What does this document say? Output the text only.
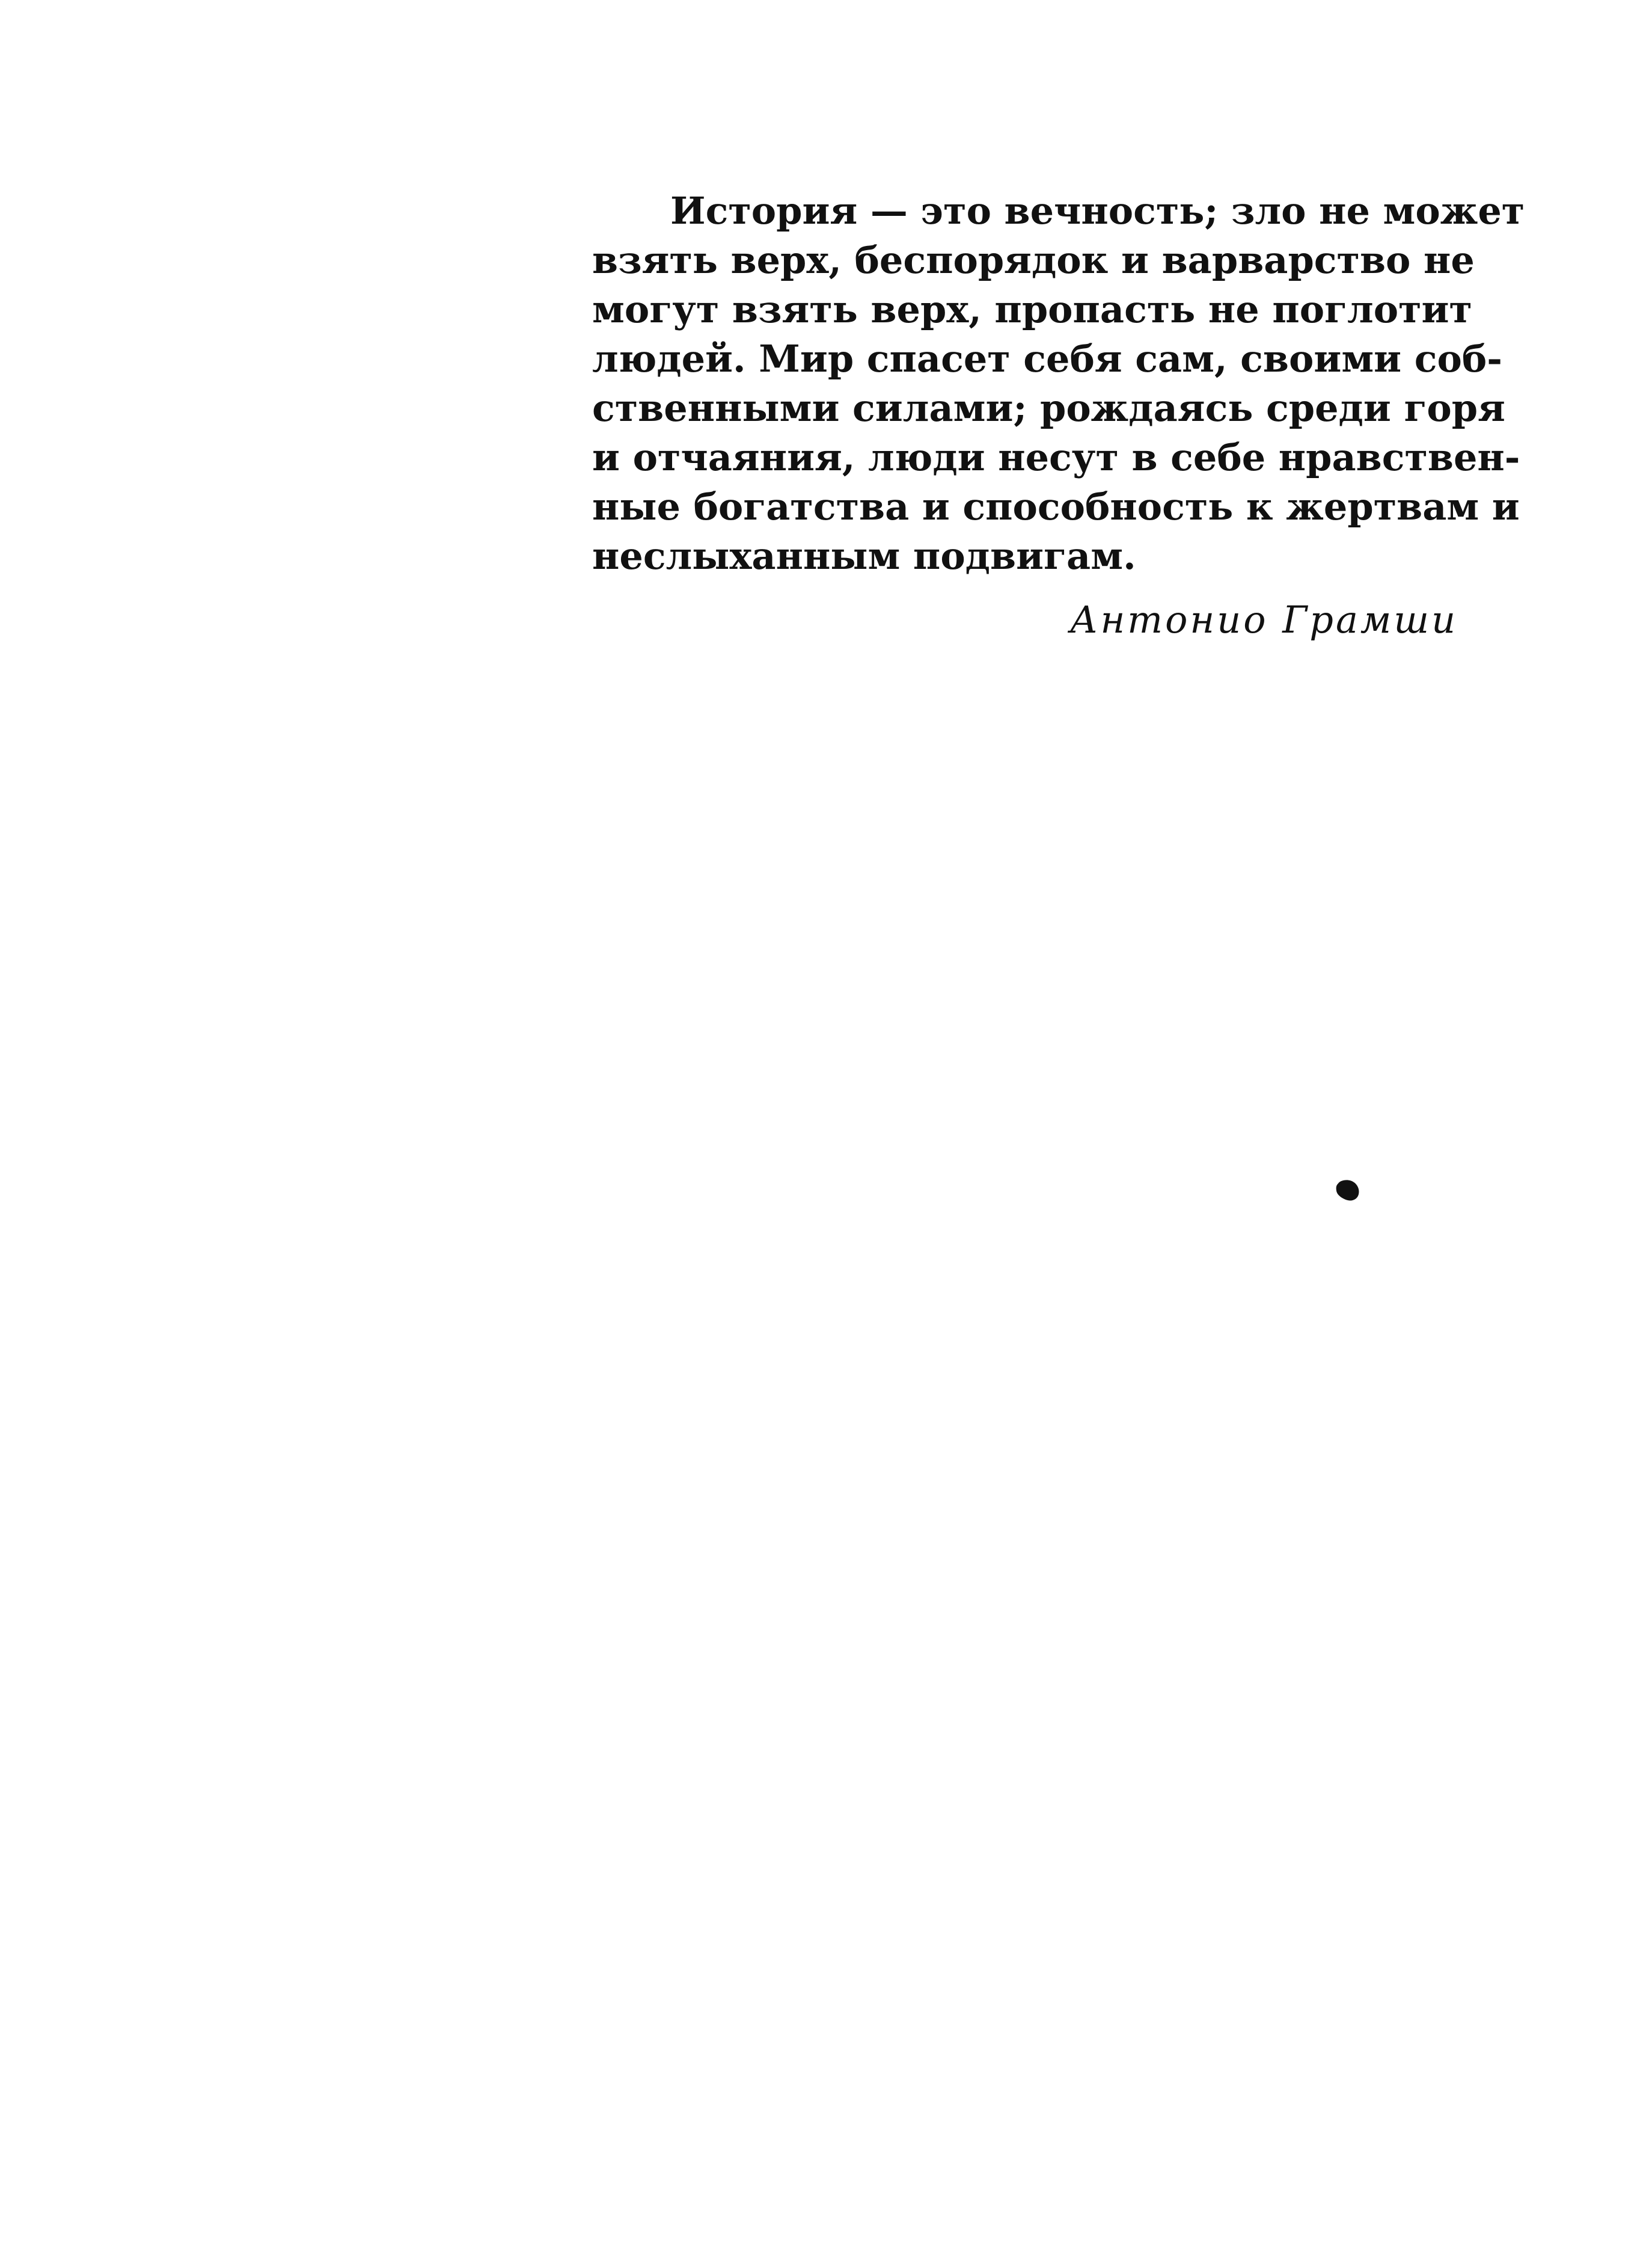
История — это вечность; зло не может
взять верх, беспорядок и варварство не
могут взять верх, пропасть не поглотит
людей. Мир спасет себя сам, своими соб-
ственными силами; рождаясь среди горя
и отчаяния, люди несут в себе нравствен-
ные богатства и способность к жертвам и
неслыханным подвигам.
Антонио Грамши
